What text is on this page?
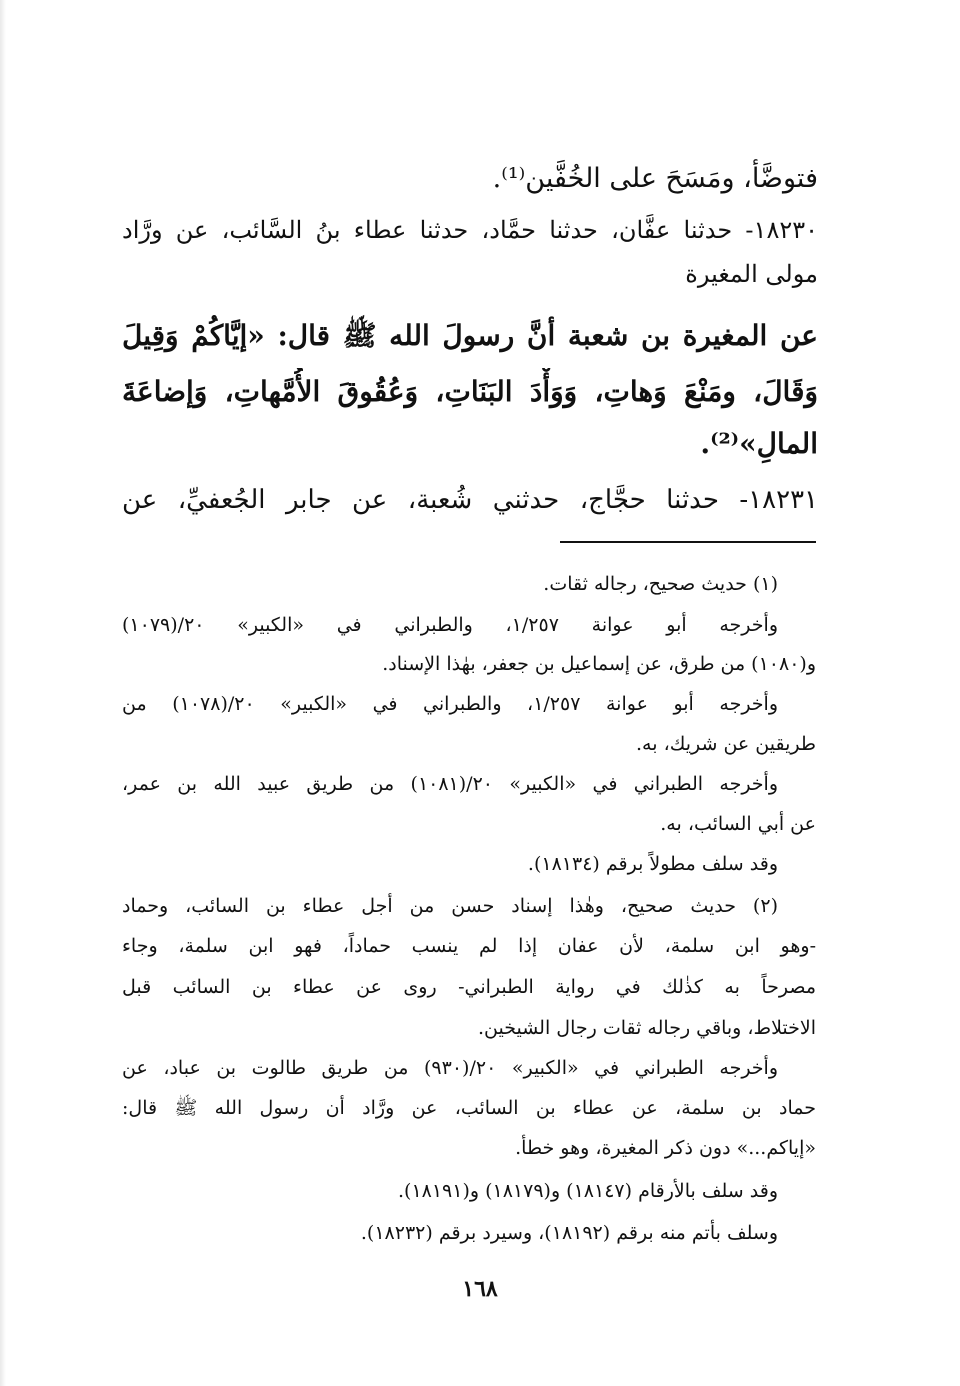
فتوضَّأ، ومَسَحَ على الخُفَّين⁽¹⁾.
١٨٢٣٠- حدثنا عفَّان، حدثنا حمَّاد، حدثنا عطاء بنُ السَّائب، عن ورَّاد
مولى المغيرة
عن المغيرة بن شعبة أنَّ رسولَ الله ﷺ قال: «إيَّاكُمْ وَقِيلَ
وَقَالَ، ومَنْعَ وَهاتِ، وَوَأْدَ البَنَاتِ، وَعُقُوقَ الأُمَّهاتِ، وَإضاعَةَ
المالِ»⁽²⁾.
١٨٢٣١- حدثنا حجَّاج، حدثني شُعبة، عن جابر الجُعفيِّ، عن
(١) حديث صحيح، رجاله ثقات.
وأخرجه أبو عوانة ١/٢٥٧، والطبراني في «الكبير» ٢٠/(١٠٧٩)
و(١٠٨٠) من طرق، عن إسماعيل بن جعفر، بهٰذا الإسناد.
وأخرجه أبو عوانة ١/٢٥٧، والطبراني في «الكبير» ٢٠/(١٠٧٨) من
طريقين عن شريك، به.
وأخرجه الطبراني في «الكبير» ٢٠/(١٠٨١) من طريق عبيد الله بن عمر،
عن أبي السائب، به.
وقد سلف مطولاً برقم (١٨١٣٤).
(٢) حديث صحيح، وهٰذا إسناد حسن من أجل عطاء بن السائب، وحماد
-وهو ابن سلمة، لأن عفان إذا لم ينسب حماداً، فهو ابن سلمة، وجاء
مصرحاً به كذٰلك في رواية الطبراني- روى عن عطاء بن السائب قبل
الاختلاط، وباقي رجاله ثقات رجال الشيخين.
وأخرجه الطبراني في «الكبير» ٢٠/(٩٣٠) من طريق طالوت بن عباد، عن
حماد بن سلمة، عن عطاء بن السائب، عن ورَّاد أن رسول الله ﷺ قال:
«إياكم...» دون ذكر المغيرة، وهو خطأ.
وقد سلف بالأرقام (١٨١٤٧) و(١٨١٧٩) و(١٨١٩١).
وسلف بأتم منه برقم (١٨١٩٢)، وسيرد برقم (١٨٢٣٢).
١٦٨
